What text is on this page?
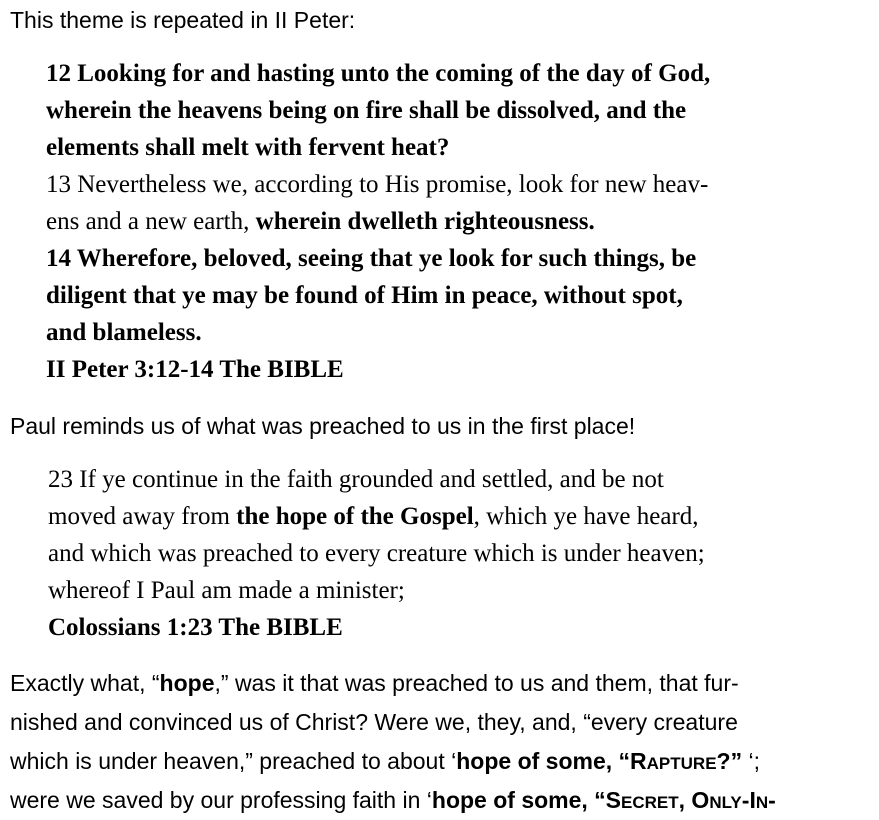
This theme is repeated in II Peter:
12 Looking for and hasting unto the coming of the day of God,
wherein the heavens being on fire shall be dissolved, and the
elements shall melt with fervent heat?
13 Nevertheless we, according to His promise, look for new heav-
ens and a new earth, wherein dwelleth righteousness.
14 Wherefore, beloved, seeing that ye look for such things, be
diligent that ye may be found of Him in peace, without spot,
and blameless.
II Peter 3:12-14 The BIBLE
Paul reminds us of what was preached to us in the first place!
23 If ye continue in the faith grounded and settled, and be not
moved away from the hope of the Gospel, which ye have heard,
and which was preached to every creature which is under heaven;
whereof I Paul am made a minister;
Colossians 1:23 The BIBLE
Exactly what, “hope,” was it that was preached to us and them, that fur-
nished and convinced us of Christ? Were we, they, and, “every creature
which is under heaven,” preached to about ‘hope of some, “RAPTURE?” ‘;
were we saved by our professing faith in ‘hope of some, “SECRET, ONLY-IN-
